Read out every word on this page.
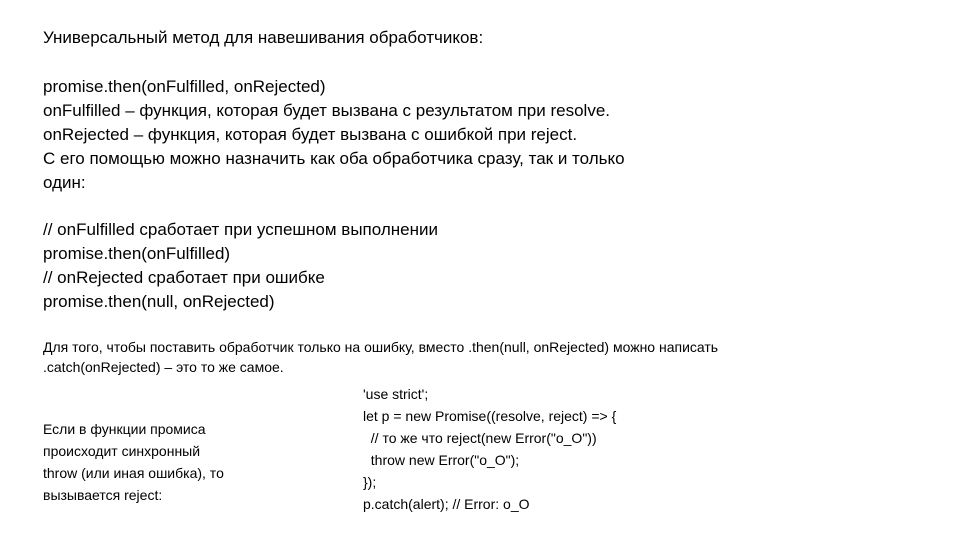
Универсальный метод для навешивания обработчиков:
promise.then(onFulfilled, onRejected)
onFulfilled – функция, которая будет вызвана с результатом при resolve.
onRejected – функция, которая будет вызвана с ошибкой при reject.
С его помощью можно назначить как оба обработчика сразу, так и только
один:
// onFulfilled сработает при успешном выполнении
promise.then(onFulfilled)
// onRejected сработает при ошибке
promise.then(null, onRejected)
Для того, чтобы поставить обработчик только на ошибку, вместо .then(null, onRejected) можно написать
.catch(onRejected) – это то же самое.
Если в функции промиса
происходит синхронный
throw (или иная ошибка), то
вызывается reject:
'use strict';
let p = new Promise((resolve, reject) => {
// то же что reject(new Error("o_O"))
throw new Error("o_O");
});
p.catch(alert); // Error: o_O
